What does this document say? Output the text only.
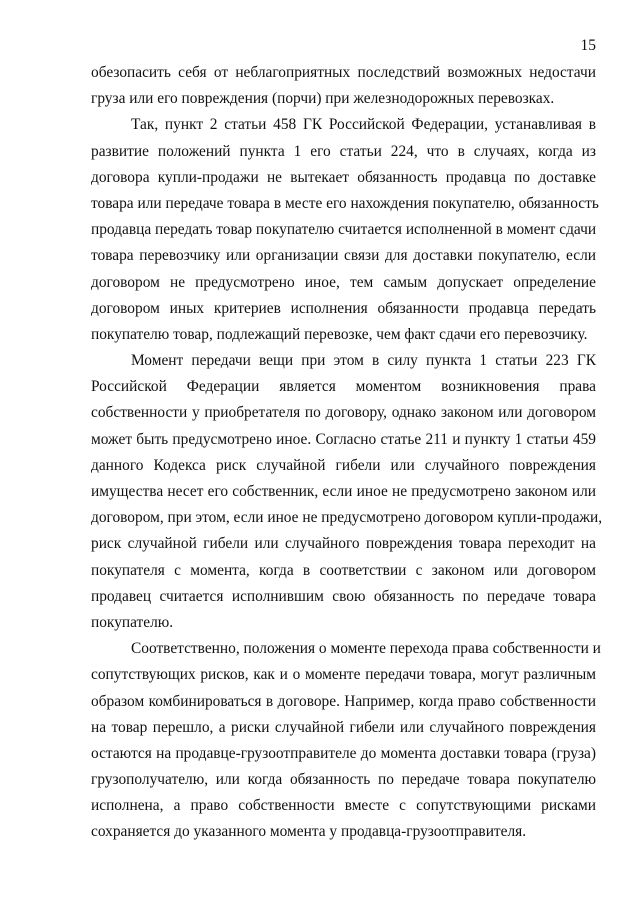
15
обезопасить себя от неблагоприятных последствий возможных недостачи
груза или его повреждения (порчи) при железнодорожных перевозках.
Так, пункт 2 статьи 458 ГК Российской Федерации, устанавливая в
развитие положений пункта 1 его статьи 224, что в случаях, когда из
договора купли-продажи не вытекает обязанность продавца по доставке
товара или передаче товара в месте его нахождения покупателю, обязанность
продавца передать товар покупателю считается исполненной в момент сдачи
товара перевозчику или организации связи для доставки покупателю, если
договором не предусмотрено иное, тем самым допускает определение
договором иных критериев исполнения обязанности продавца передать
покупателю товар, подлежащий перевозке, чем факт сдачи его перевозчику.
Момент передачи вещи при этом в силу пункта 1 статьи 223 ГК
Российской Федерации является моментом возникновения права
собственности у приобретателя по договору, однако законом или договором
может быть предусмотрено иное. Согласно статье 211 и пункту 1 статьи 459
данного Кодекса риск случайной гибели или случайного повреждения
имущества несет его собственник, если иное не предусмотрено законом или
договором, при этом, если иное не предусмотрено договором купли-продажи,
риск случайной гибели или случайного повреждения товара переходит на
покупателя с момента, когда в соответствии с законом или договором
продавец считается исполнившим свою обязанность по передаче товара
покупателю.
Соответственно, положения о моменте перехода права собственности и
сопутствующих рисков, как и о моменте передачи товара, могут различным
образом комбинироваться в договоре. Например, когда право собственности
на товар перешло, а риски случайной гибели или случайного повреждения
остаются на продавце-грузоотправителе до момента доставки товара (груза)
грузополучателю, или когда обязанность по передаче товара покупателю
исполнена, а право собственности вместе с сопутствующими рисками
сохраняется до указанного момента у продавца-грузоотправителя.
